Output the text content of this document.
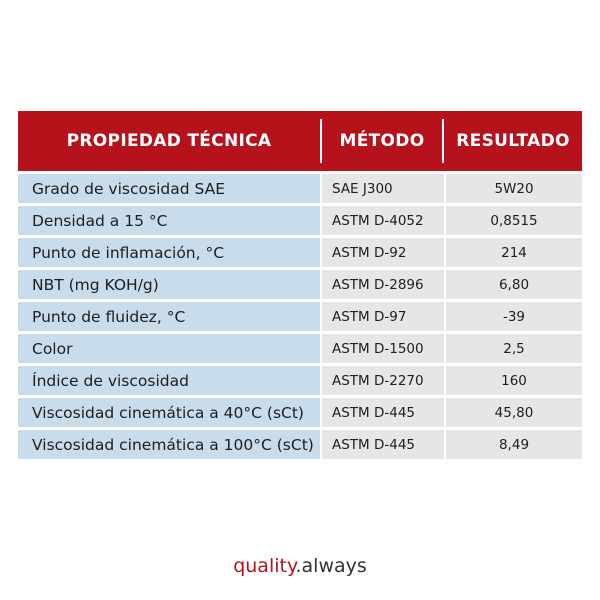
PROPIEDAD TÉCNICA	MÉTODO	RESULTADO
Grado de viscosidad SAE	SAE J300	5W20
Densidad a 15 °C	ASTM D-4052	0,8515
Punto de inflamación, °C	ASTM D-92	214
NBT (mg KOH/g)	ASTM D-2896	6,80
Punto de fluidez, °C	ASTM D-97	-39
Color	ASTM D-1500	2,5
Índice de viscosidad	ASTM D-2270	160
Viscosidad cinemática a 40°C (sCt)	ASTM D-445	45,80
Viscosidad cinemática a 100°C (sCt)	ASTM D-445	8,49
quality.always
